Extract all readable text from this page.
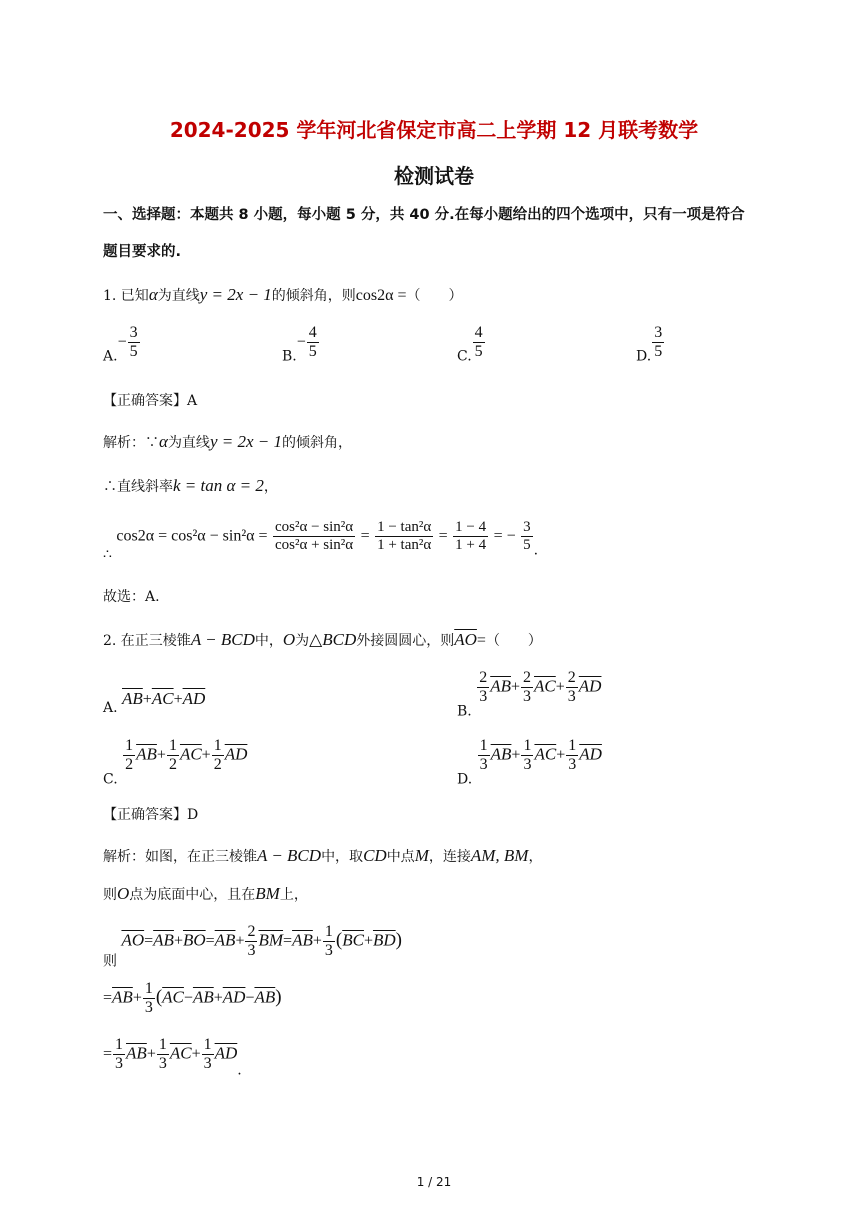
2024-2025 学年河北省保定市高二上学期 12 月联考数学
检测试卷
一、选择题：本题共 8 小题，每小题 5 分，共 40 分.在每小题给出的四个选项中，只有一项是符合
题目要求的.
1. 已知α为直线y = 2x − 1的倾斜角，则cos2α =（　　）
$A.- \frac{3}{5}$	$B.- \frac{4}{5}$	C. $\frac{4}{5}$	D. $\frac{3}{5}$
【正确答案】A
解析：∵α为直线y = 2x − 1的倾斜角，
∴直线斜率k = tan α = 2，
∴ $\cos 2\alpha = \cos^2\alpha - \sin^2\alpha = \frac{\text{cos²α − sin²α}}{\text{cos²α + sin²α}} = \frac{\text{1 − tan²α}}{\text{1 + tan²α}} = \frac{1 - 4}{1 + 4}$ = − $\frac{3}{5}$ .
故选：A.
2. 在正三棱锥A − BCD中，O为△BCD外接圆圆心，则$\overline{AO}=$（　　）
A. $\overline{AB}+\overline{AC}+\overline{AD}$
B.
$\frac{2}{3} \overline{AB}+ \frac{2}{3} \overline{AC}+ \frac{2}{3} \overline{AD}$
C.
$\frac{1}{2} \overline{AB}+ \frac{1}{2} \overline{AC}+ \frac{1}{2} \overline{AD}$
D.
$\frac{1}{3} \overline{AB}+ \frac{1}{3} \overline{AC}+ \frac{1}{3} \overline{AD}$
【正确答案】D
解析：如图，在正三棱锥A − BCD中，取CD中点M，连接AM, BM，
则O点为底面中心，且在BM上，
则 $\overline{AO}=\overline{AB}+\overline{BO}=\overline{AB}+ \frac{2}{3} \overline{BM}=\overline{AB}+ \frac{1}{3} (\overline{BC}+\overline{BD})$
$=\overline{AB}+ \frac{1}{3} (\overline{AC}-\overline{AB}+\overline{AD}-\overline{AB})$
= $\frac{1}{3} \overline{AB}+ \frac{1}{3} \overline{AC}+ \frac{1}{3} \overline{AD}$.
1 / 21
